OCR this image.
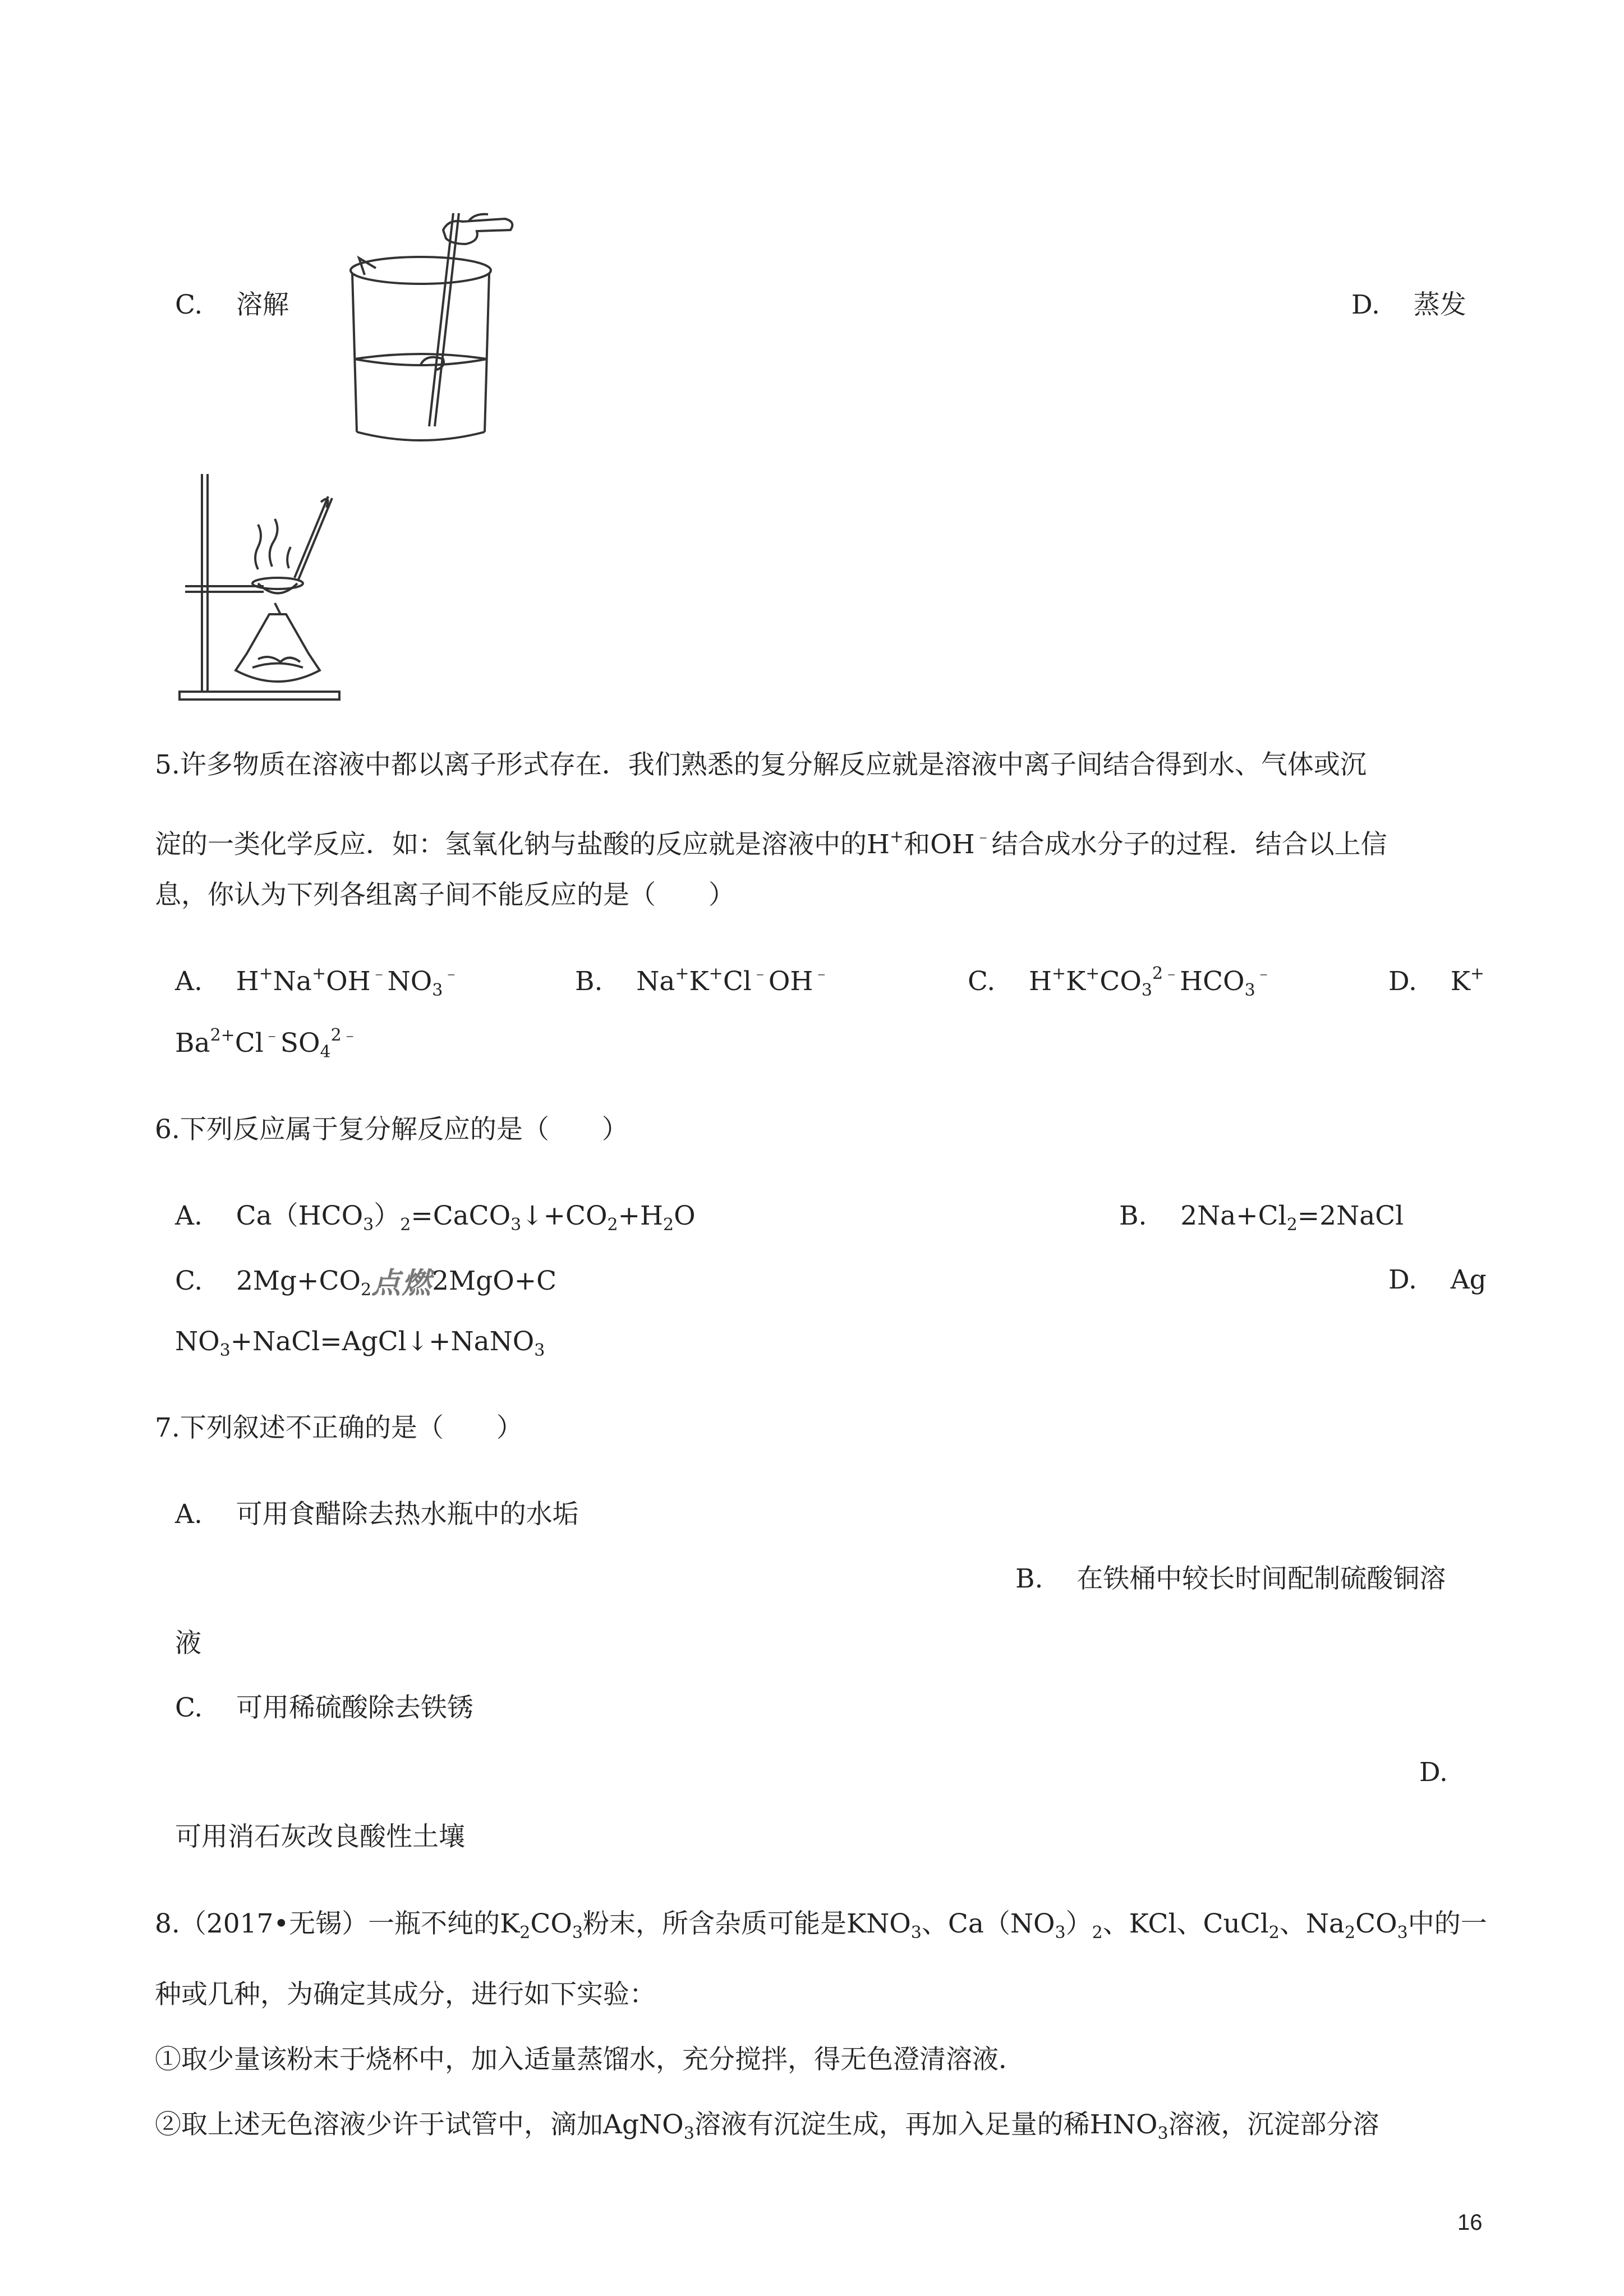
C. 溶解	D. 蒸发
5.许多物质在溶液中都以离子形式存在．我们熟悉的复分解反应就是溶液中离子间结合得到水、气体或沉
淀的一类化学反应．如：氢氧化钠与盐酸的反应就是溶液中的H+和OH﹣结合成水分子的过程．结合以上信
息，你认为下列各组离子间不能反应的是（　　）
A. $H^+Na^+OH^﹣NO_3^﹣$	B. Na+K+Cl﹣OH﹣	C. $H^+K^+CO_3^{2﹣}HCO_3^﹣$	D. K+
$Ba^{2+}Cl^﹣SO_4^{2﹣}$
6.下列反应属于复分解反应的是（　　）
A. $Ca(HCO_3)_2=CaCO_3↓+CO_2+H_2O$	B. $2Na+Cl_2=2NaCl$
C. $2Mg+CO_2$点燃2MgO+C	D. Ag
$NO_3+NaCl=AgCl↓+NaNO_3$
7.下列叙述不正确的是（　　）
A. 可用食醋除去热水瓶中的水垢
B. 在铁桶中较长时间配制硫酸铜溶
液
C. 可用稀硫酸除去铁锈
D.
可用消石灰改良酸性土壤
8.（2017•无锡）一瓶不纯的$K_2CO_3$粉末，所含杂质可能是$KNO_3$、$Ca(NO_3)_2$、KCl、CuCl$_2$、$Na_2CO_3$中的一
种或几种，为确定其成分，进行如下实验：
①取少量该粉末于烧杯中，加入适量蒸馏水，充分搅拌，得无色澄清溶液．
②取上述无色溶液少许于试管中，滴加AgNO$_3$溶液有沉淀生成，再加入足量的稀$HNO_3$溶液，沉淀部分溶
16
